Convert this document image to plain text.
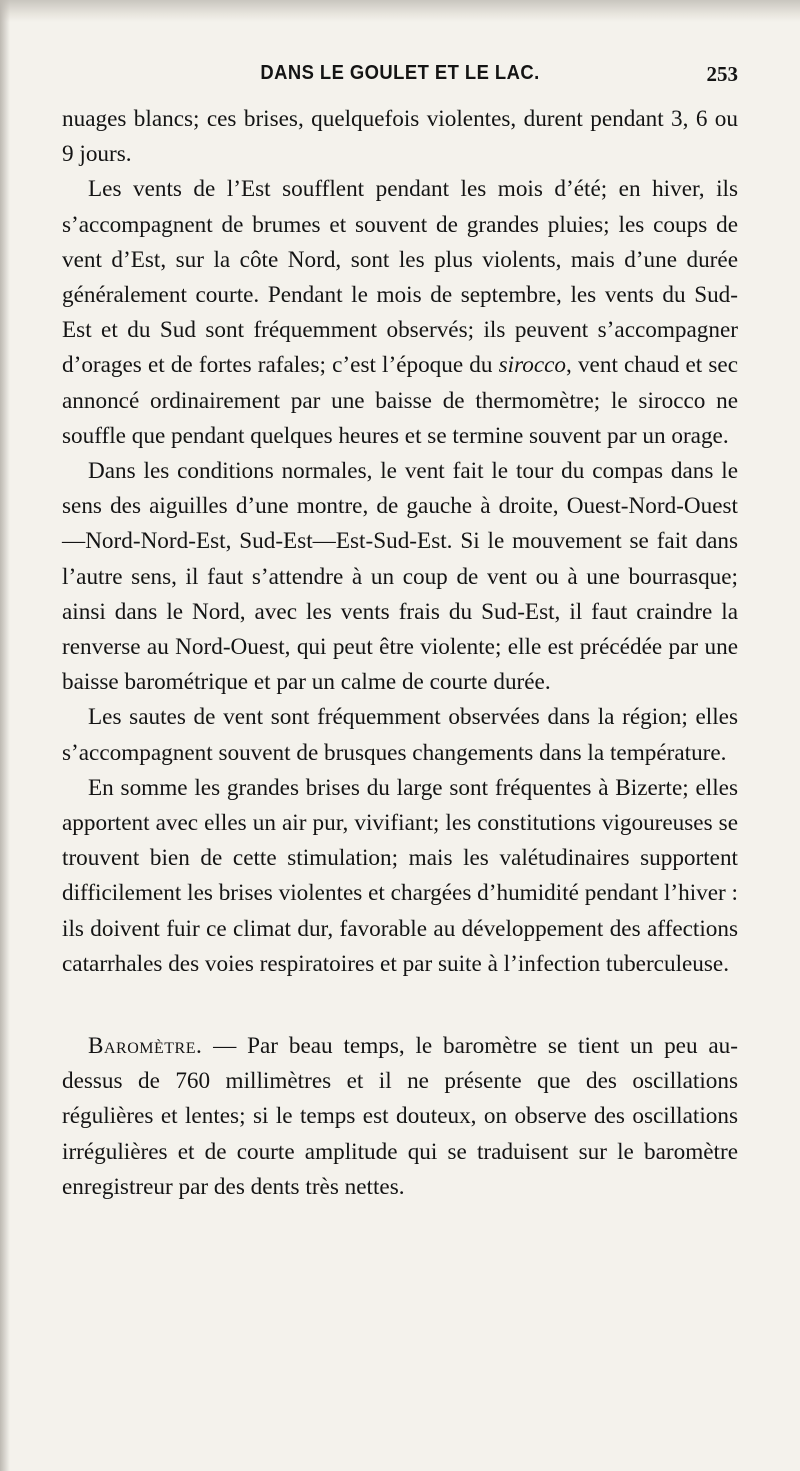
DANS LE GOULET ET LE LAC.	253

nuages blancs; ces brises, quelquefois violentes, durent pendant 3, 6 ou 9 jours.

Les vents de l’Est soufflent pendant les mois d’été; en hiver, ils s’accompagnent de brumes et souvent de grandes pluies; les coups de vent d’Est, sur la côte Nord, sont les plus violents, mais d’une durée généralement courte. Pendant le mois de septembre, les vents du Sud-Est et du Sud sont fréquemment observés; ils peuvent s’accompagner d’orages et de fortes rafales; c’est l’époque du sirocco, vent chaud et sec annoncé ordinairement par une baisse de thermomètre; le sirocco ne souffle que pendant quelques heures et se termine souvent par un orage.

Dans les conditions normales, le vent fait le tour du compas dans le sens des aiguilles d’une montre, de gauche à droite, Ouest-Nord-Ouest—Nord-Nord-Est, Sud-Est—Est-Sud-Est. Si le mouvement se fait dans l’autre sens, il faut s’attendre à un coup de vent ou à une bourrasque; ainsi dans le Nord, avec les vents frais du Sud-Est, il faut craindre la renverse au Nord-Ouest, qui peut être violente; elle est précédée par une baisse barométrique et par un calme de courte durée.

Les sautes de vent sont fréquemment observées dans la région; elles s’accompagnent souvent de brusques changements dans la température.

En somme les grandes brises du large sont fréquentes à Bizerte; elles apportent avec elles un air pur, vivifiant; les constitutions vigoureuses se trouvent bien de cette stimulation; mais les valétudinaires supportent difficilement les brises violentes et chargées d’humidité pendant l’hiver : ils doivent fuir ce climat dur, favorable au développement des affections catarrhales des voies respiratoires et par suite à l’infection tuberculeuse.

Baromètre. — Par beau temps, le baromètre se tient un peu au-dessus de 760 millimètres et il ne présente que des oscillations régulières et lentes; si le temps est douteux, on observe des oscillations irrégulières et de courte amplitude qui se traduisent sur le baromètre enregistreur par des dents très nettes.
